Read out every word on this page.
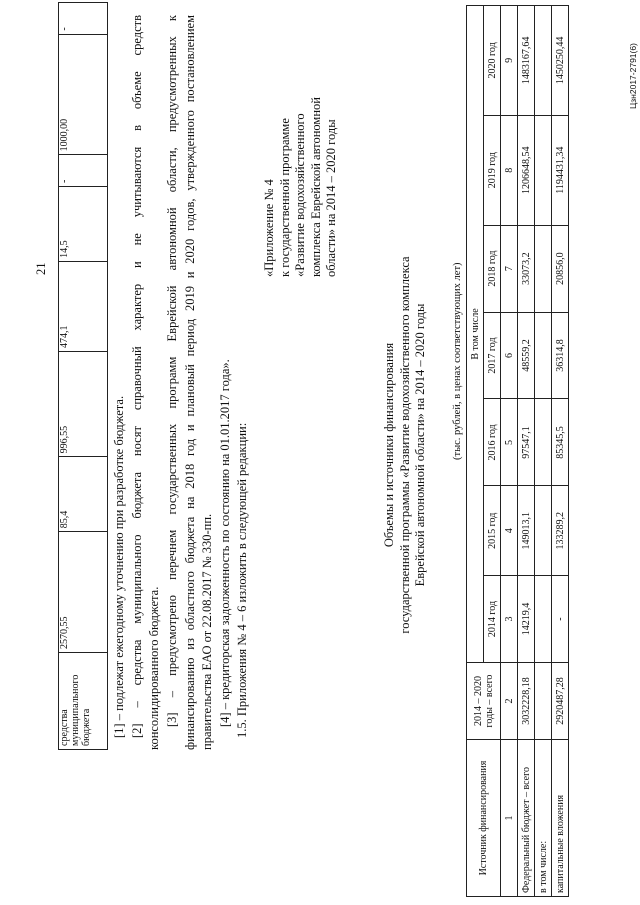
21
средства муниципального бюджета	2570,55	85,4	996,55	474,1	14,5	-	1000,00	-
[1] – подлежат ежегодному уточнению при разработке бюджета. [2] – средства муниципального бюджета носят справочный характер и не учитываются в объеме средств консолидированного бюджета. [3] – предусмотрено перечнем государственных программ Еврейской автономной области, предусмотренных к финансированию из областного бюджета на 2018 год и плановый период 2019 и 2020 годов, утвержденного постановлением правительства ЕАО от 22.08.2017 № 330-пп. [4] – кредиторская задолженность по состоянию на 01.01.2017 года». 1.5. Приложения № 4 – 6 изложить в следующей редакции:
«Приложение № 4 к государственной программе «Развитие водохозяйственного комплекса Еврейской автономной области» на 2014 – 2020 годы
Объемы и источники финансирования государственной программы «Развитие водохозяйственного комплекса Еврейской автономной области» на 2014 – 2020 годы (тыс. рублей, в ценах соответствующих лет)
Источник финансирования	2014 – 2020 годы – всего	В том числе						
		2014 год	2015 год	2016 год	2017 год	2018 год	2019 год	2020 год
1	2	3	4	5	6	7	8	9
Федеральный бюджет – всего	3032228,18	14219,4	149013,1	97547,1	48559,2	33073,2	1206648,54	1483167,64
в том числе:								
капитальные вложения	2920487,28	-	133289,2	85345,5	36314,8	20856,0	1194431,34	1450250,44	Цзн2017-2791(6)
